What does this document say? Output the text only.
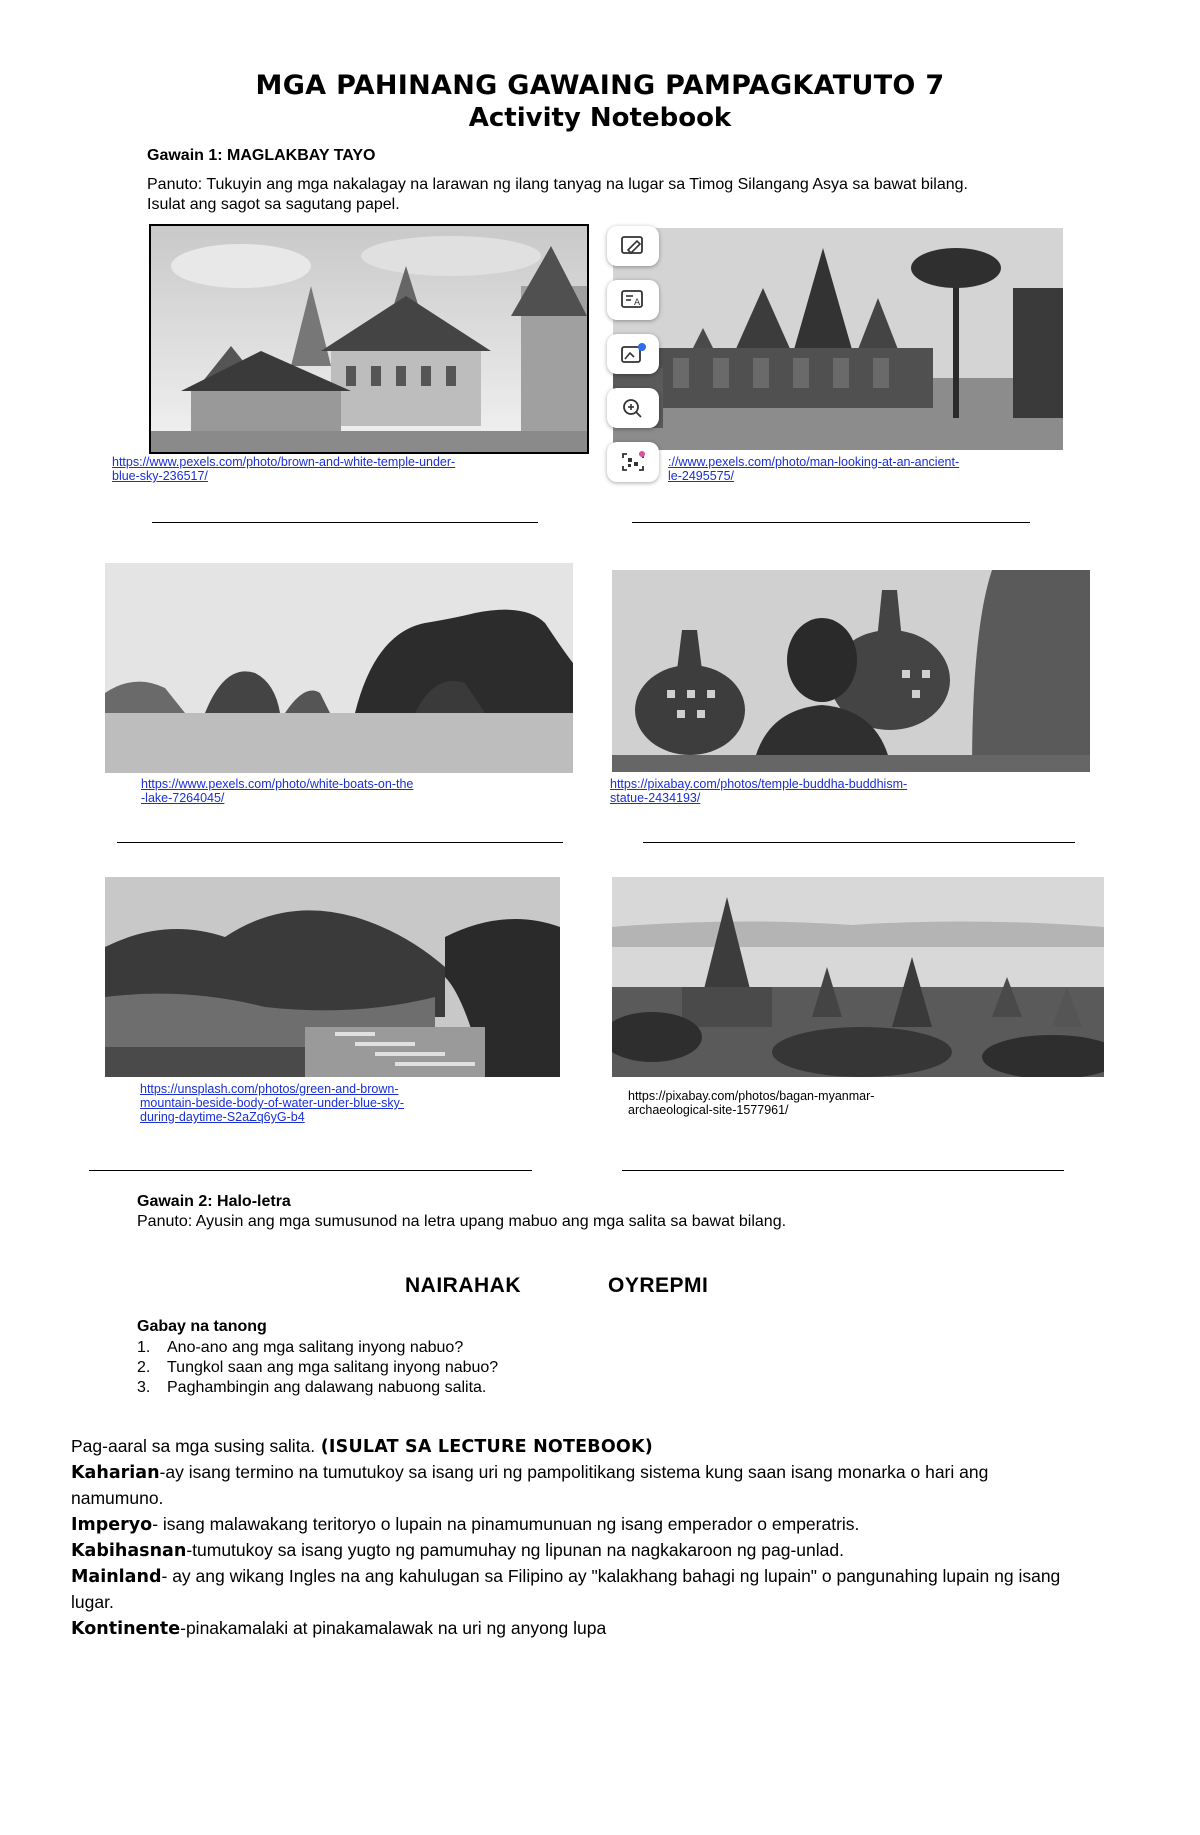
MGA PAHINANG GAWAING PAMPAGKATUTO 7
Activity Notebook
Gawain 1: MAGLAKBAY TAYO
Panuto: Tukuyin ang mga nakalagay na larawan ng ilang tanyag na lugar sa Timog Silangang Asya sa bawat bilang. Isulat ang sagot sa sagutang papel.
A
https://www.pexels.com/photo/brown-and-white-temple-under-
blue-sky-236517/
://www.pexels.com/photo/man-looking-at-an-ancient-
le-2495575/
https://www.pexels.com/photo/white-boats-on-the
-lake-7264045/
https://pixabay.com/photos/temple-buddha-buddhism-
statue-2434193/
https://unsplash.com/photos/green-and-brown-
mountain-beside-body-of-water-under-blue-sky-
during-daytime-S2aZq6yG-b4
https://pixabay.com/photos/bagan-myanmar-
archaeological-site-1577961/
Gawain 2: Halo-letra
Panuto: Ayusin ang mga sumusunod na letra upang mabuo ang mga salita sa bawat bilang.
NAIRAHAK	OYREPMI
Gabay na tanong
1. Ano-ano ang mga salitang inyong nabuo?
2. Tungkol saan ang mga salitang inyong nabuo?
3. Paghambingin ang dalawang nabuong salita.
Pag-aaral sa mga susing salita. (ISULAT SA LECTURE NOTEBOOK)
Kaharian-ay isang termino na tumutukoy sa isang uri ng pampolitikang sistema kung saan isang monarka o hari ang namumuno.
Imperyo- isang malawakang teritoryo o lupain na pinamumunuan ng isang emperador o emperatris.
Kabihasnan-tumutukoy sa isang yugto ng pamumuhay ng lipunan na nagkakaroon ng pag-unlad.
Mainland- ay ang wikang Ingles na ang kahulugan sa Filipino ay "kalakhang bahagi ng lupain" o pangunahing lupain ng isang lugar.
Kontinente-pinakamalaki at pinakamalawak na uri ng anyong lupa
